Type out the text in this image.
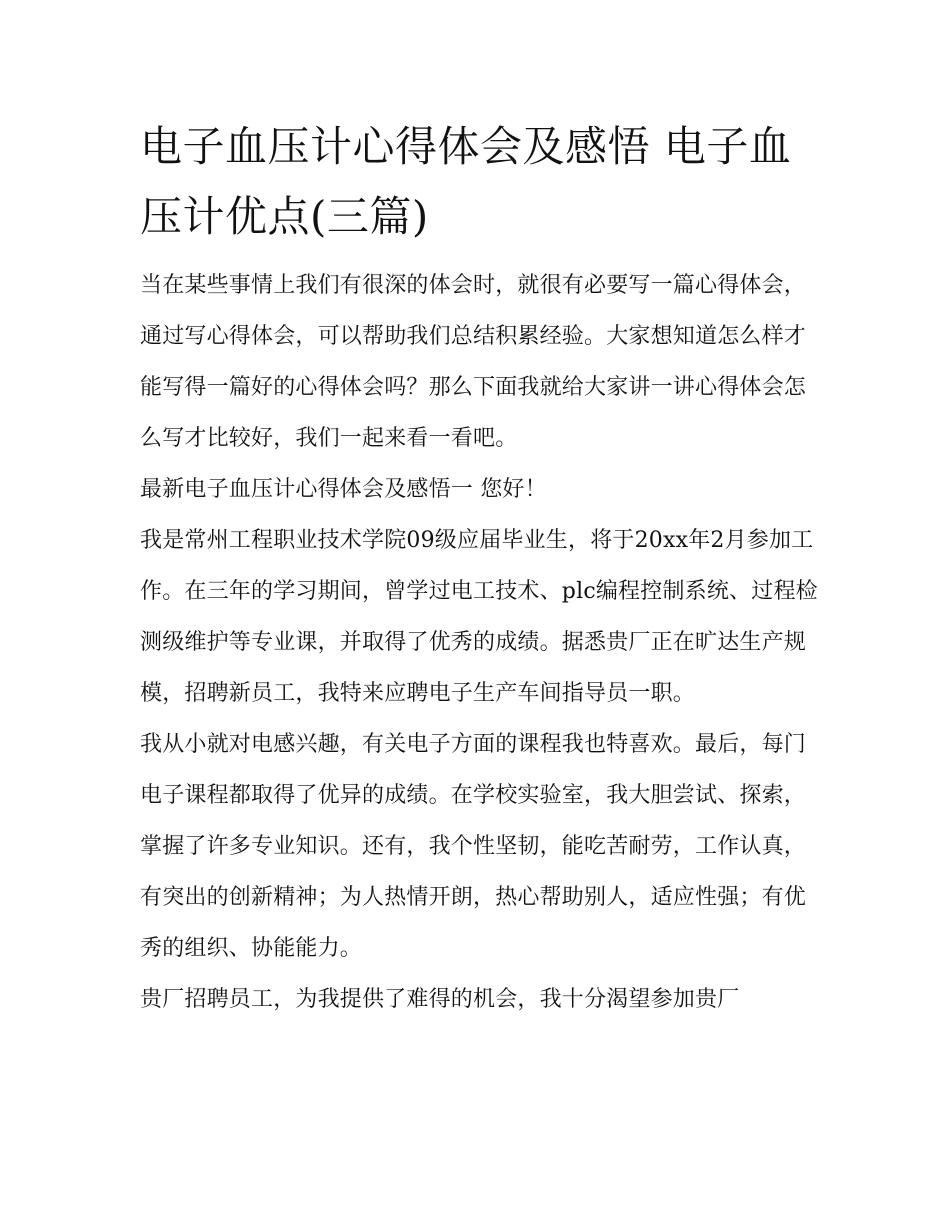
电子血压计心得体会及感悟 电子血压计优点(三篇)

当在某些事情上我们有很深的体会时，就很有必要写一篇心得体会，通过写心得体会，可以帮助我们总结积累经验。大家想知道怎么样才能写得一篇好的心得体会吗？那么下面我就给大家讲一讲心得体会怎么写才比较好，我们一起来看一看吧。

最新电子血压计心得体会及感悟一 您好！

我是常州工程职业技术学院09级应届毕业生，将于20xx年2月参加工作。在三年的学习期间，曾学过电工技术、plc编程控制系统、过程检测级维护等专业课，并取得了优秀的成绩。据悉贵厂正在旷达生产规模，招聘新员工，我特来应聘电子生产车间指导员一职。

我从小就对电感兴趣，有关电子方面的课程我也特喜欢。最后，每门电子课程都取得了优异的成绩。在学校实验室，我大胆尝试、探索，掌握了许多专业知识。还有，我个性坚韧，能吃苦耐劳，工作认真，有突出的创新精神；为人热情开朗，热心帮助别人，适应性强；有优秀的组织、协能能力。

贵厂招聘员工，为我提供了难得的机会，我十分渴望参加贵厂
